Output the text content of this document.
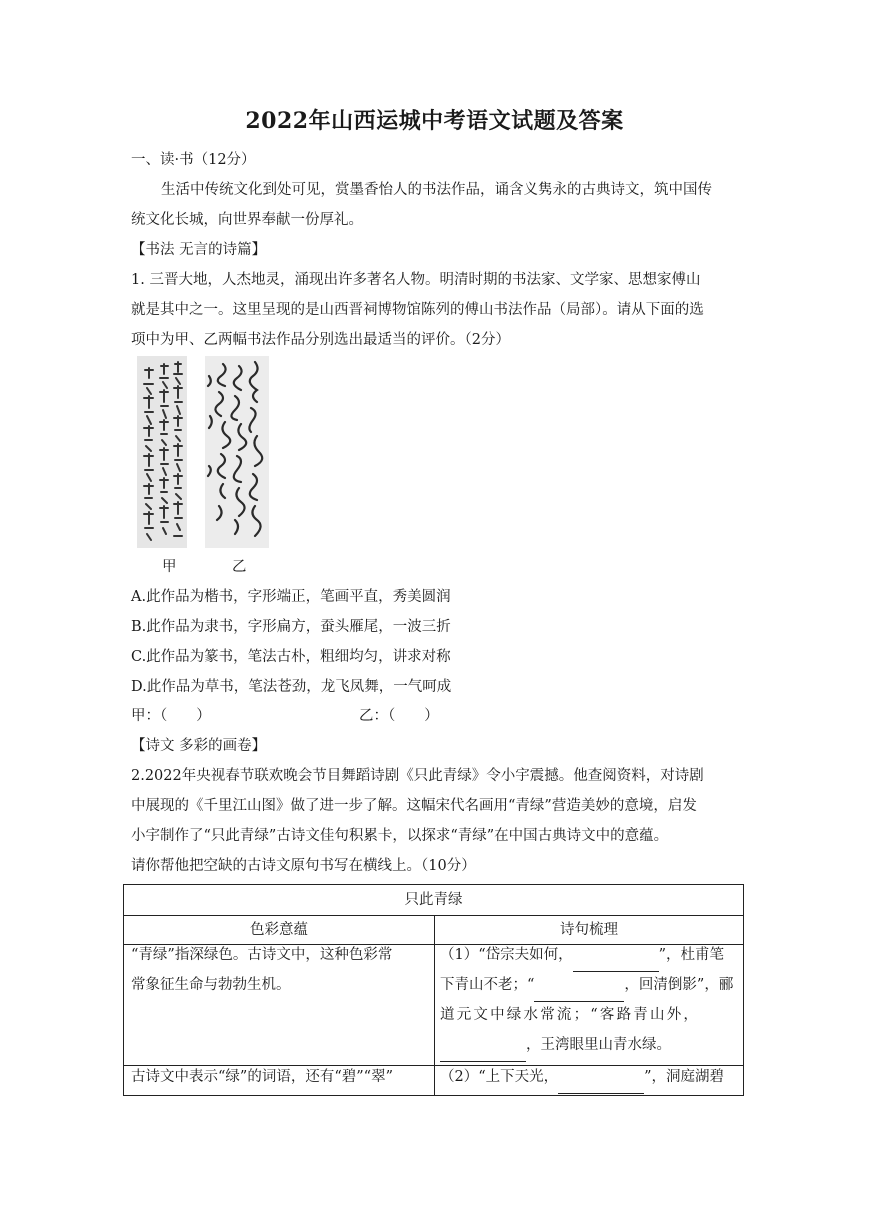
2022年山西运城中考语文试题及答案
一、读·书（12分）
生活中传统文化到处可见，赏墨香怡人的书法作品，诵含义隽永的古典诗文，筑中国传
统文化长城，向世界奉献一份厚礼。
【书法 无言的诗篇】
1. 三晋大地，人杰地灵，涌现出许多著名人物。明清时期的书法家、文学家、思想家傅山
就是其中之一。这里呈现的是山西晋祠博物馆陈列的傅山书法作品（局部）。请从下面的选
项中为甲、乙两幅书法作品分别选出最适当的评价。（2分）
甲	乙
A.此作品为楷书，字形端正，笔画平直，秀美圆润
B.此作品为隶书，字形扁方，蚕头雁尾，一波三折
C.此作品为篆书，笔法古朴，粗细均匀，讲求对称
D.此作品为草书，笔法苍劲，龙飞凤舞，一气呵成
甲：（　　）	乙：（　　）
【诗文 多彩的画卷】
2.2022年央视春节联欢晚会节目舞蹈诗剧《只此青绿》令小宇震撼。他查阅资料，对诗剧
中展现的《千里江山图》做了进一步了解。这幅宋代名画用“青绿”营造美妙的意境，启发
小宇制作了“只此青绿”古诗文佳句积累卡，以探求“青绿”在中国古典诗文中的意蕴。
请你帮他把空缺的古诗文原句书写在横线上。（10分）
只此青绿
色彩意蕴	诗句梳理
“青绿”指深绿色。古诗文中，这种色彩常
常象征生命与勃勃生机。
（1）“岱宗夫如何，	”，杜甫笔
下青山不老；“	，回清倒影”，郦
道元文中绿水常流；“客路青山外，
，王湾眼里山青水绿。
古诗文中表示“绿”的词语，还有“碧”“翠”	（2）“上下天光，	”，洞庭湖碧
